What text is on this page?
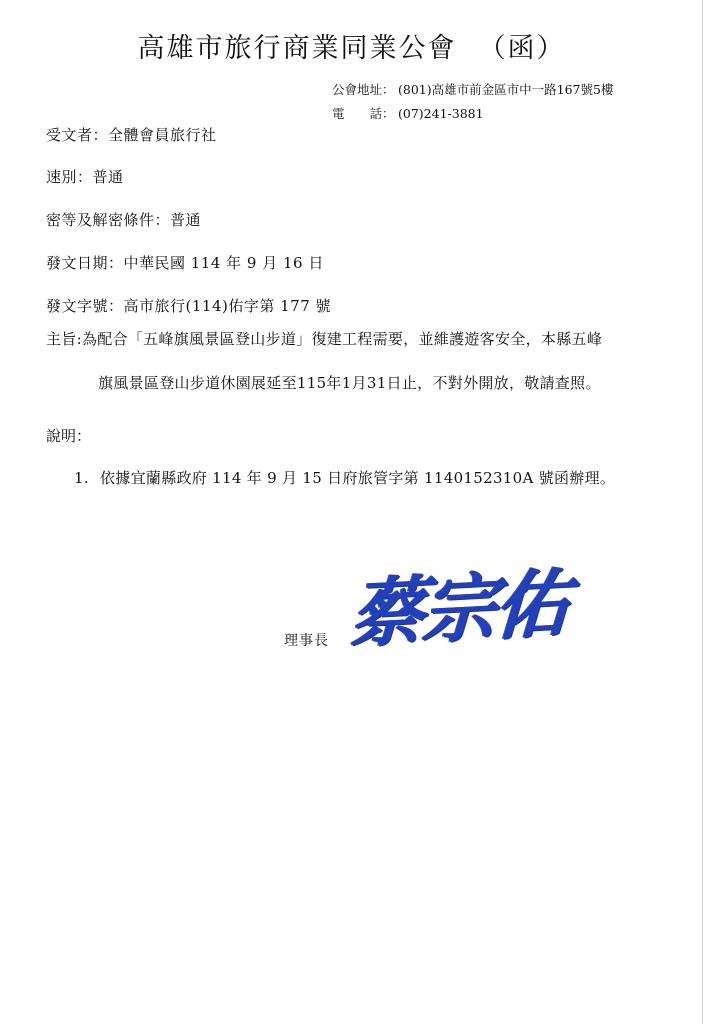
高雄市旅行商業同業公會 （函）
公會地址： (801)高雄市前金區市中一路167號5樓
電　　話： (07)241-3881
受文者：全體會員旅行社
速別：普通
密等及解密條件：普通
發文日期：中華民國 114 年 9 月 16 日
發文字號：高市旅行(114)佑字第 177 號
主旨:為配合「五峰旗風景區登山步道」復建工程需要，並維護遊客安全，本縣五峰
旗風景區登山步道休園展延至115年1月31日止，不對外開放，敬請查照。
說明：
1. 依據宜蘭縣政府 114 年 9 月 15 日府旅管字第 1140152310A 號函辦理。
理事長 蔡宗佑
